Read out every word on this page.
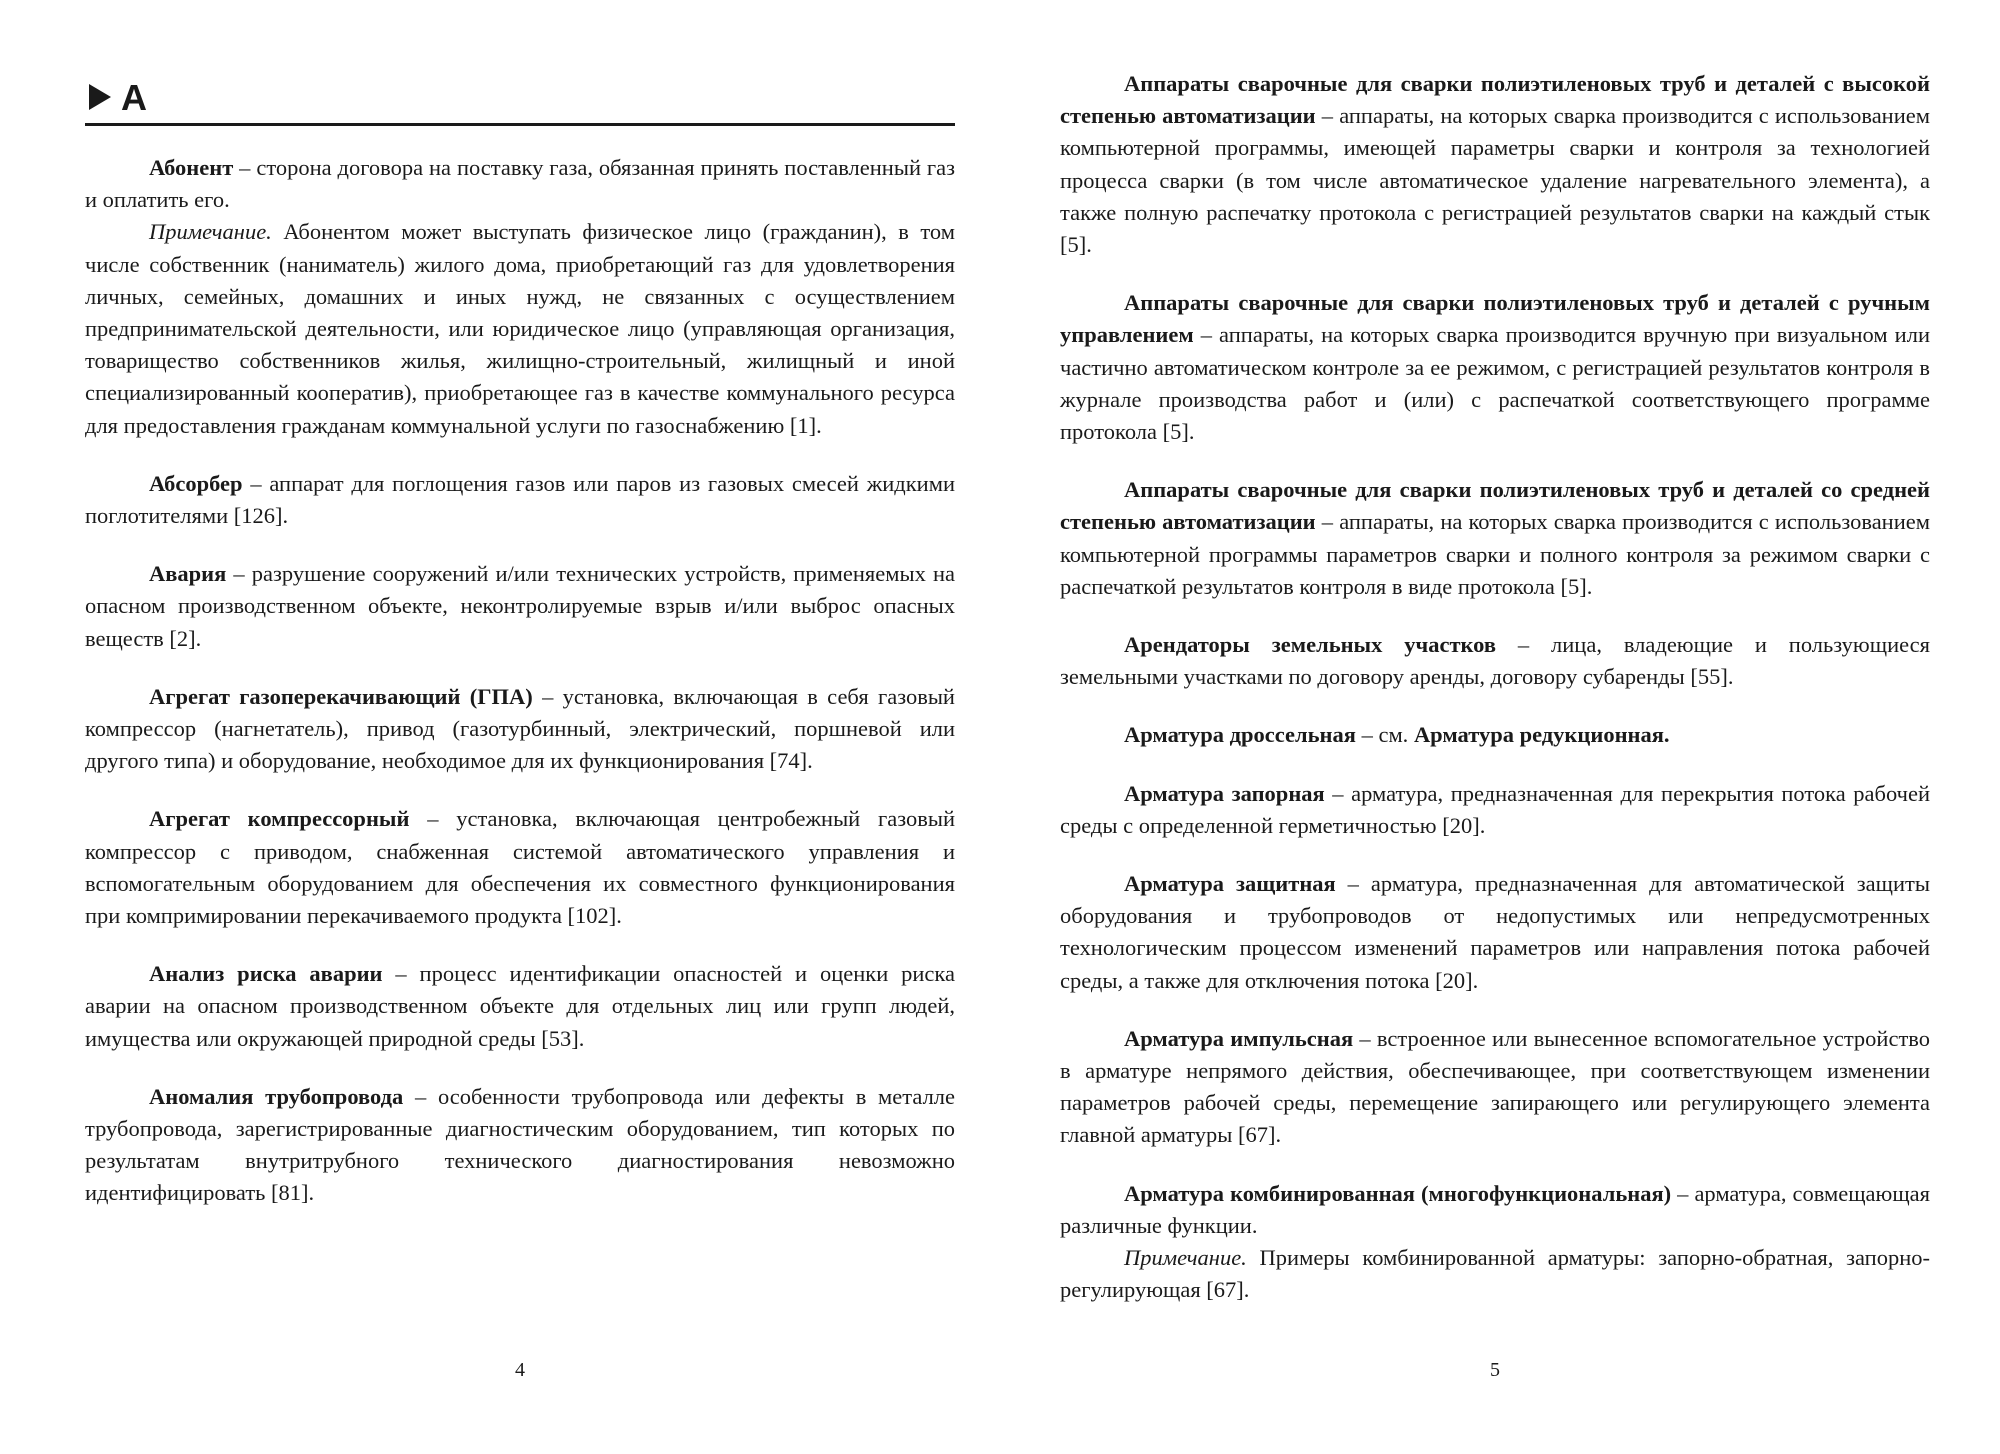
А

Абонент – сторона договора на поставку газа, обязанная принять поставленный газ и оплатить его.

Примечание. Абонентом может выступать физическое лицо (гражданин), в том числе собственник (наниматель) жилого дома, приобретающий газ для удовлетворения личных, семейных, домашних и иных нужд, не связанных с осуществлением предпринимательской деятельности, или юридическое лицо (управляющая организация, товарищество собственников жилья, жилищно-строительный, жилищный и иной специализированный кооператив), приобретающее газ в качестве коммунального ресурса для предоставления гражданам коммунальной услуги по газоснабжению [1].

Абсорбер – аппарат для поглощения газов или паров из газовых смесей жидкими поглотителями [126].

Авария – разрушение сооружений и/или технических устройств, применяемых на опасном производственном объекте, неконтролируемые взрыв и/или выброс опасных веществ [2].

Агрегат газоперекачивающий (ГПА) – установка, включающая в себя газовый компрессор (нагнетатель), привод (газотурбинный, электрический, поршневой или другого типа) и оборудование, необходимое для их функционирования [74].

Агрегат компрессорный – установка, включающая центробежный газовый компрессор с приводом, снабженная системой автоматического управления и вспомогательным оборудованием для обеспечения их совместного функционирования при компримировании перекачиваемого продукта [102].

Анализ риска аварии – процесс идентификации опасностей и оценки риска аварии на опасном производственном объекте для отдельных лиц или групп людей, имущества или окружающей природной среды [53].

Аномалия трубопровода – особенности трубопровода или дефекты в металле трубопровода, зарегистрированные диагностическим оборудованием, тип которых по результатам внутритрубного технического диагностирования невозможно идентифицировать [81].

4

Аппараты сварочные для сварки полиэтиленовых труб и деталей с высокой степенью автоматизации – аппараты, на которых сварка производится с использованием компьютерной программы, имеющей параметры сварки и контроля за технологией процесса сварки (в том числе автоматическое удаление нагревательного элемента), а также полную распечатку протокола с регистрацией результатов сварки на каждый стык [5].

Аппараты сварочные для сварки полиэтиленовых труб и деталей с ручным управлением – аппараты, на которых сварка производится вручную при визуальном или частично автоматическом контроле за ее режимом, с регистрацией результатов контроля в журнале производства работ и (или) с распечаткой соответствующего программе протокола [5].

Аппараты сварочные для сварки полиэтиленовых труб и деталей со средней степенью автоматизации – аппараты, на которых сварка производится с использованием компьютерной программы параметров сварки и полного контроля за режимом сварки с распечаткой результатов контроля в виде протокола [5].

Арендаторы земельных участков – лица, владеющие и пользующиеся земельными участками по договору аренды, договору субаренды [55].

Арматура дроссельная – см. Арматура редукционная.

Арматура запорная – арматура, предназначенная для перекрытия потока рабочей среды с определенной герметичностью [20].

Арматура защитная – арматура, предназначенная для автоматической защиты оборудования и трубопроводов от недопустимых или непредусмотренных технологическим процессом изменений параметров или направления потока рабочей среды, а также для отключения потока [20].

Арматура импульсная – встроенное или вынесенное вспомогательное устройство в арматуре непрямого действия, обеспечивающее, при соответствующем изменении параметров рабочей среды, перемещение запирающего или регулирующего элемента главной арматуры [67].

Арматура комбинированная (многофункциональная) – арматура, совмещающая различные функции.

Примечание. Примеры комбинированной арматуры: запорно-обратная, запорно-регулирующая [67].

5
